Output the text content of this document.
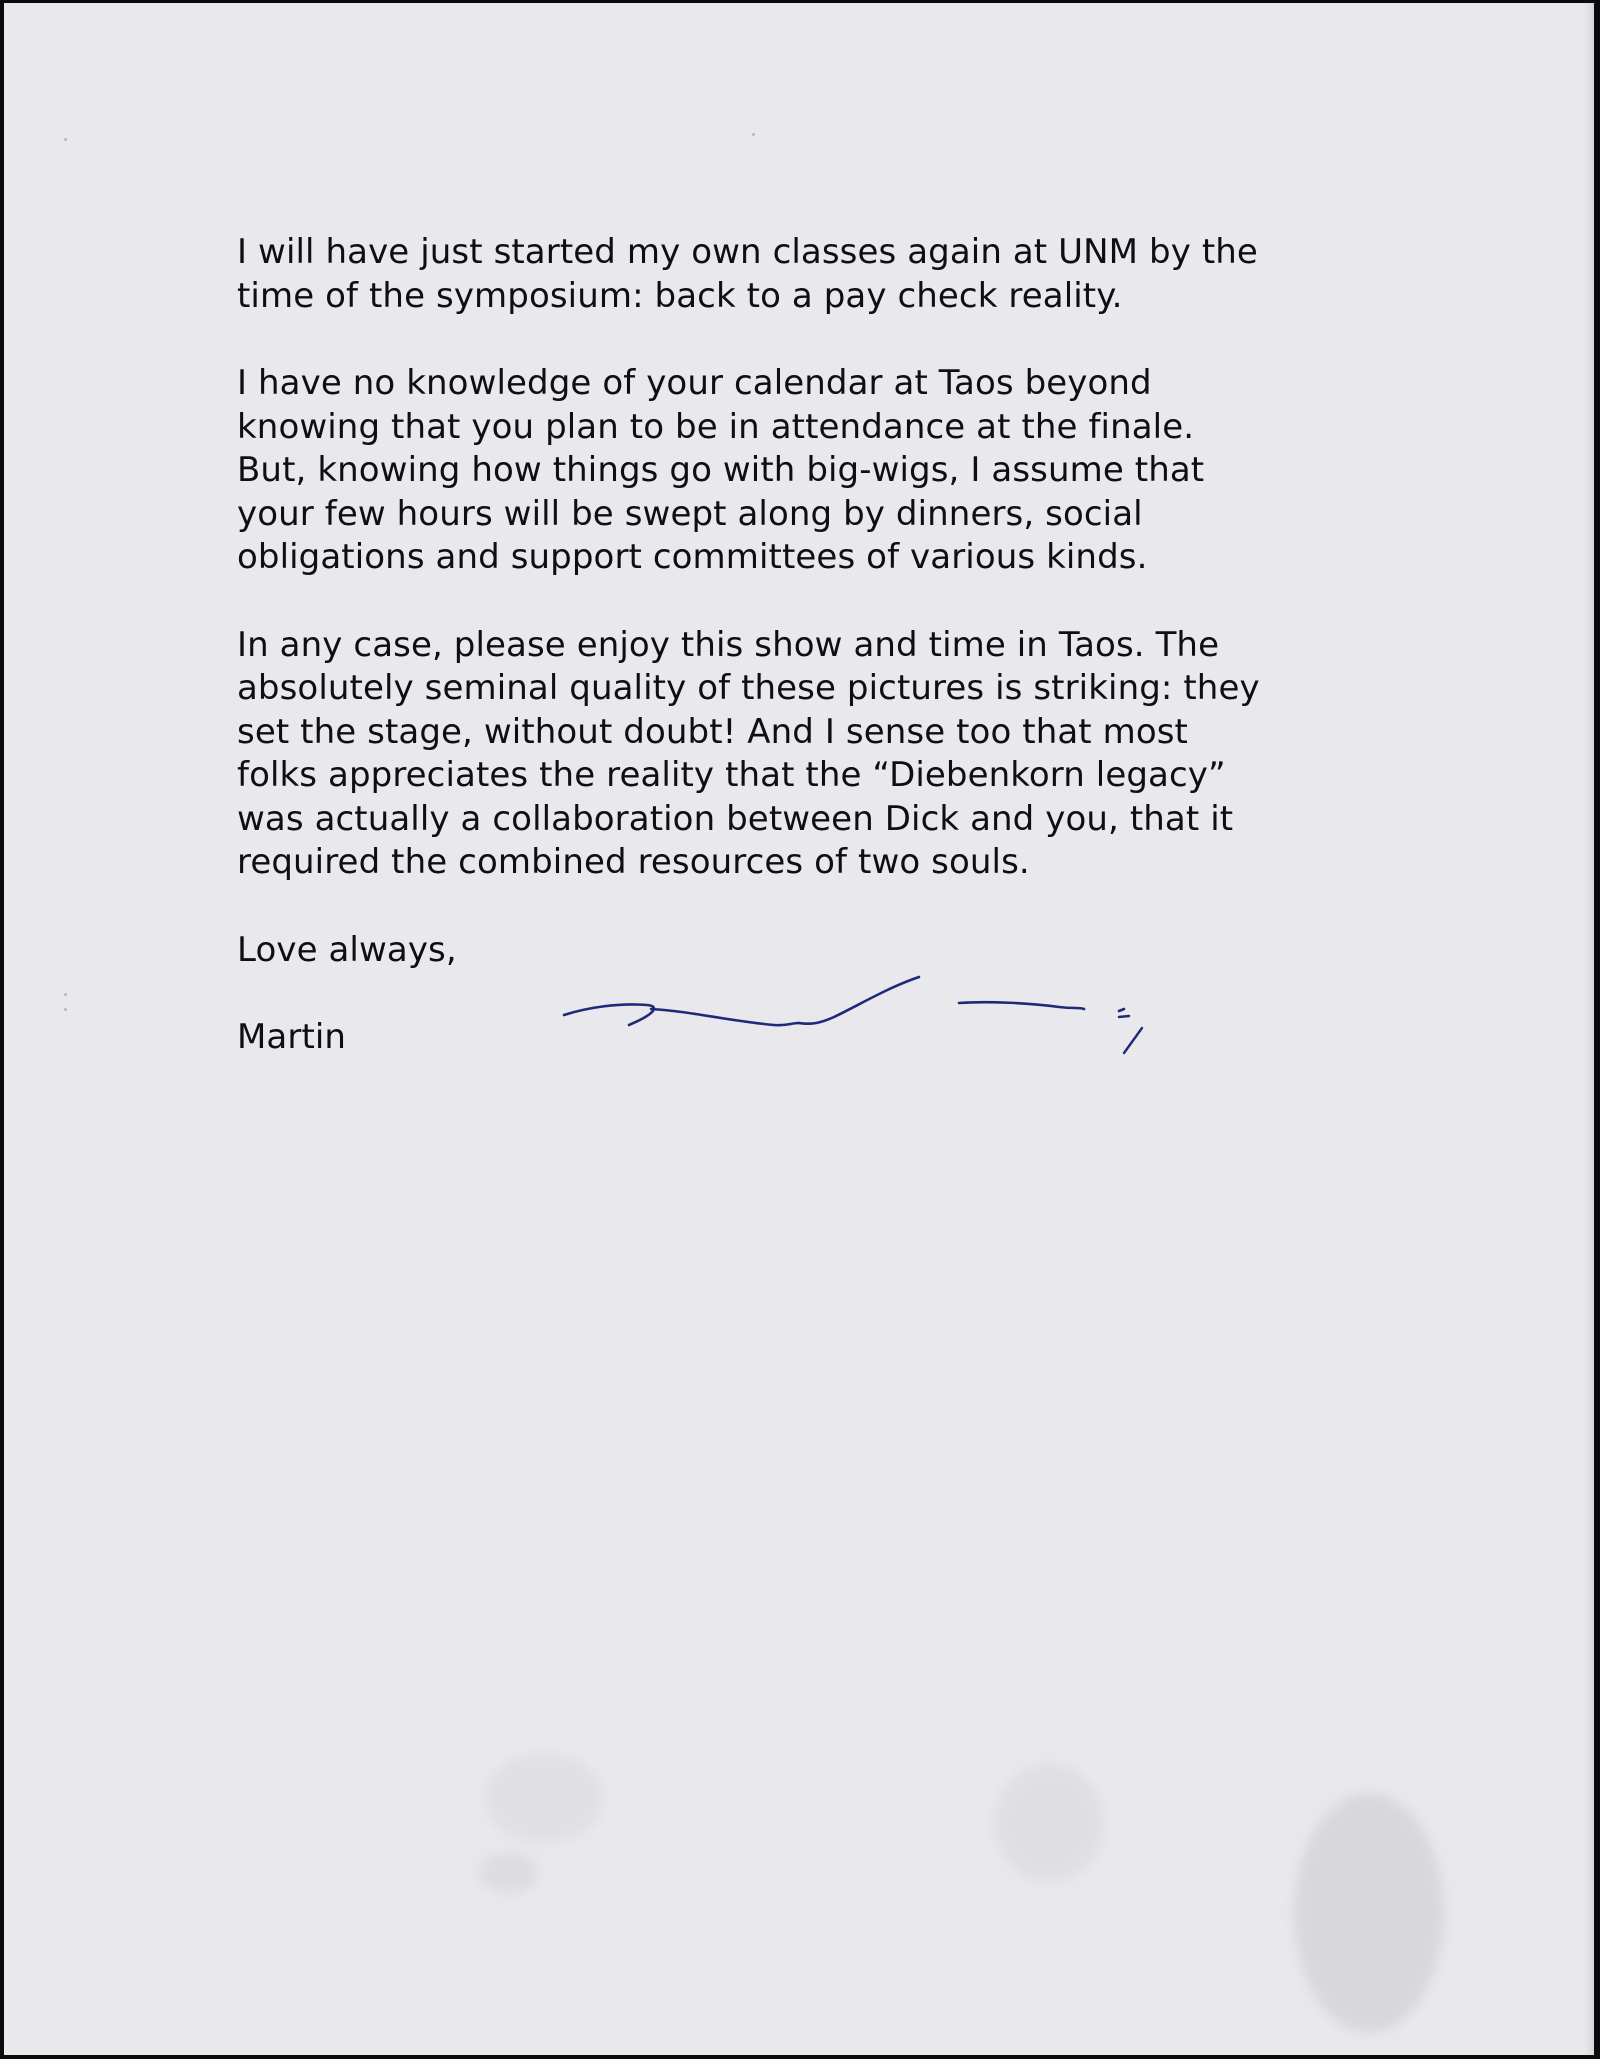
I will have just started my own classes again at UNM by the
time of the symposium: back to a pay check reality.
I have no knowledge of your calendar at Taos beyond
knowing that you plan to be in attendance at the finale.
But, knowing how things go with big-wigs, I assume that
your few hours will be swept along by dinners, social
obligations and support committees of various kinds.
In any case, please enjoy this show and time in Taos. The
absolutely seminal quality of these pictures is striking: they
set the stage, without doubt! And I sense too that most
folks appreciates the reality that the “Diebenkorn legacy”
was actually a collaboration between Dick and you, that it
required the combined resources of two souls.
Love always,
Martin
